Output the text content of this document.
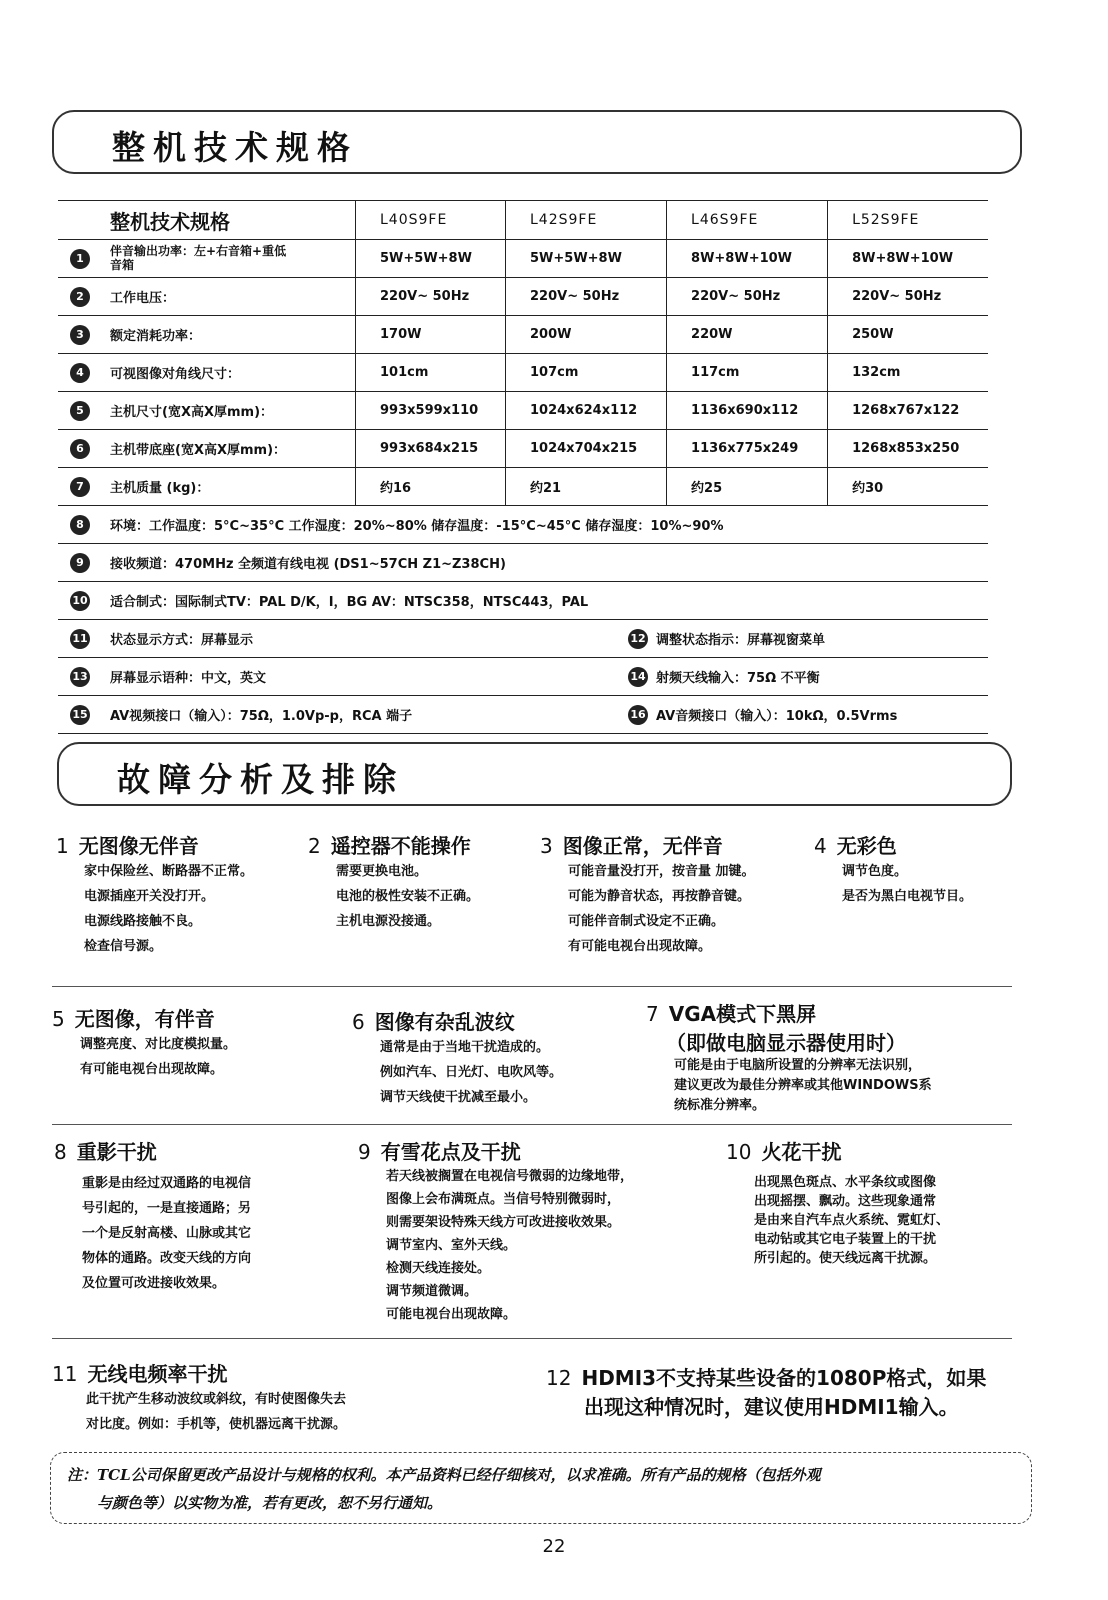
整机技术规格
整机技术规格	L40S9FE	L42S9FE	L46S9FE	L52S9FE

1 伴音输出功率：左+右音箱+重低音箱	5W+5W+8W	5W+5W+8W	8W+8W+10W	8W+8W+10W

2 工作电压：	220V~ 50Hz	220V~ 50Hz	220V~ 50Hz	220V~ 50Hz

3 额定消耗功率：	170W	200W	220W	250W

4 可视图像对角线尺寸：	101cm	107cm	117cm	132cm

5 主机尺寸(宽X高X厚mm)：	993x599x110	1024x624x112	1136x690x112	1268x767x122

6 主机带底座(宽X高X厚mm)：	993x684x215	1024x704x215	1136x775x249	1268x853x250

7 主机质量 (kg)：	约16	约21	约25	约30

8 环境：工作温度：5°C~35°C 工作湿度：20%~80% 储存温度：-15°C~45°C 储存湿度：10%~90%				

9 接收频道：470MHz 全频道有线电视 (DS1~57CH Z1~Z38CH)				

10 适合制式：国际制式TV：PAL D/K，I，BG AV：NTSC358，NTSC443，PAL				

11 状态显示方式：屏幕显示 12 调整状态指示：屏幕视窗菜单				

13 屏幕显示语种：中文，英文 14 射频天线输入：75Ω 不平衡				

15 AV视频接口（输入）：75Ω，1.0Vp-p，RCA 端子 16 AV音频接口（输入）：10kΩ，0.5Vrms				
故障分析及排除
1 无图像无伴音
家中保险丝、断路器不正常。
电源插座开关没打开。
电源线路接触不良。
检查信号源。
2 遥控器不能操作
需要更换电池。
电池的极性安装不正确。
主机电源没接通。
3 图像正常，无伴音
可能音量没打开，按音量 加键。
可能为静音状态，再按静音键。
可能伴音制式设定不正确。
有可能电视台出现故障。
4 无彩色
调节色度。
是否为黑白电视节目。
5 无图像，有伴音
调整亮度、对比度模拟量。
有可能电视台出现故障。
6 图像有杂乱波纹
通常是由于当地干扰造成的。
例如汽车、日光灯、电吹风等。
调节天线使干扰减至最小。
7 VGA模式下黑屏
（即做电脑显示器使用时）
可能是由于电脑所设置的分辨率无法识别，
建议更改为最佳分辨率或其他WINDOWS系
统标准分辨率。
8 重影干扰
重影是由经过双通路的电视信
号引起的，一是直接通路；另
一个是反射高楼、山脉或其它
物体的通路。改变天线的方向
及位置可改进接收效果。
9 有雪花点及干扰
若天线被搁置在电视信号微弱的边缘地带，
图像上会布满斑点。当信号特别微弱时，
则需要架设特殊天线方可改进接收效果。
调节室内、室外天线。
检测天线连接处。
调节频道微调。
可能电视台出现故障。
10 火花干扰
出现黑色斑点、水平条纹或图像
出现摇摆、飘动。这些现象通常
是由来自汽车点火系统、霓虹灯、
电动钻或其它电子装置上的干扰
所引起的。使天线远离干扰源。
11 无线电频率干扰
此干扰产生移动波纹或斜纹，有时使图像失去
对比度。例如：手机等，使机器远离干扰源。
12 HDMI3不支持某些设备的1080P格式，如果
出现这种情况时，建议使用HDMI1输入。
注：TCL公司保留更改产品设计与规格的权利。本产品资料已经仔细核对，以求准确。所有产品的规格（包括外观
与颜色等）以实物为准，若有更改，恕不另行通知。
22
